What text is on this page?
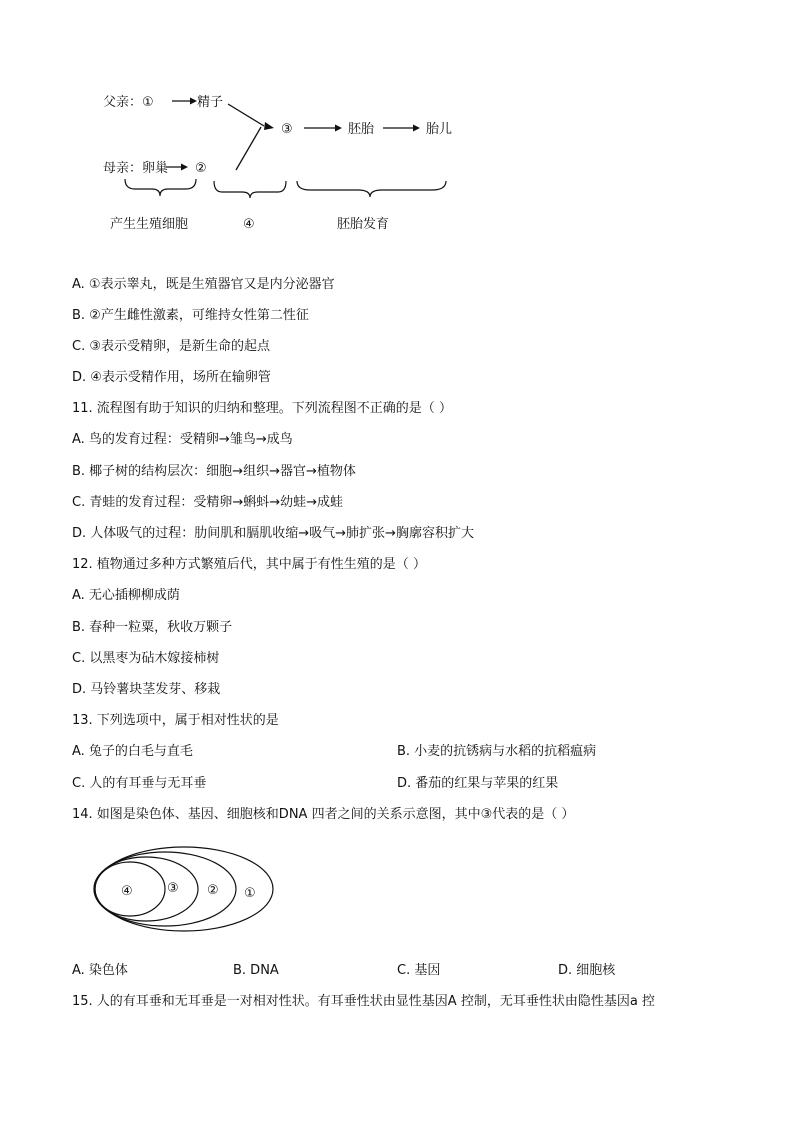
父亲：①	精子
母亲：卵巢 ②
③	胚胎	胎儿
产生生殖细胞	④	胚胎发育
A. ①表示睾丸，既是生殖器官又是内分泌器官
B. ②产生雌性激素，可维持女性第二性征
C. ③表示受精卵，是新生命的起点
D. ④表示受精作用，场所在输卵管
11. 流程图有助于知识的归纳和整理。下列流程图不正确的是（ ）
A. 鸟的发育过程：受精卵→雏鸟→成鸟
B. 椰子树的结构层次：细胞→组织→器官→植物体
C. 青蛙的发育过程：受精卵→蝌蚪→幼蛙→成蛙
D. 人体吸气的过程：肋间肌和膈肌收缩→吸气→肺扩张→胸廓容积扩大
12. 植物通过多种方式繁殖后代，其中属于有性生殖的是（ ）
A. 无心插柳柳成荫
B. 春种一粒粟，秋收万颗子
C. 以黑枣为砧木嫁接柿树
D. 马铃薯块茎发芽、移栽
13. 下列选项中，属于相对性状的是
A. 兔子的白毛与直毛	B. 小麦的抗锈病与水稻的抗稻瘟病
C. 人的有耳垂与无耳垂	D. 番茄的红果与苹果的红果
14. 如图是染色体、基因、细胞核和DNA 四者之间的关系示意图，其中③代表的是（ ）
④	③ ② ①
A. 染色体	B. DNA	C. 基因	D. 细胞核
15. 人的有耳垂和无耳垂是一对相对性状。有耳垂性状由显性基因A 控制，无耳垂性状由隐性基因a 控
